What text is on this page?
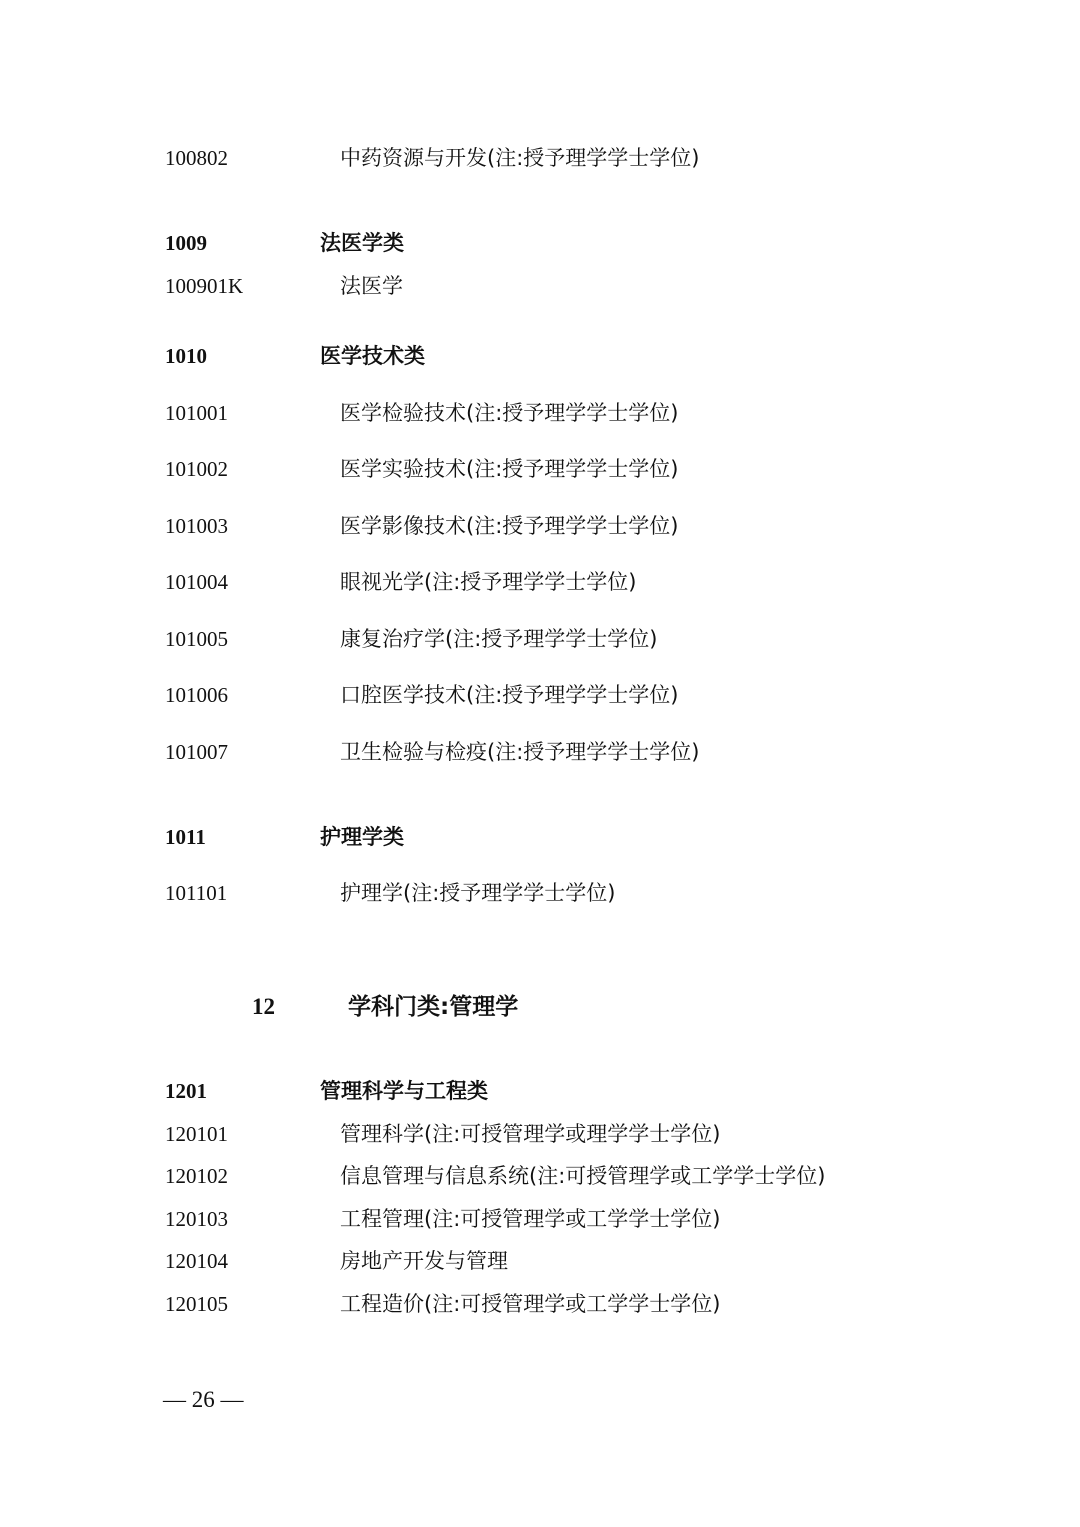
100802	中药资源与开发(注:授予理学学士学位)
1009	法医学类
100901K	法医学
1010	医学技术类
101001	医学检验技术(注:授予理学学士学位)
101002	医学实验技术(注:授予理学学士学位)
101003	医学影像技术(注:授予理学学士学位)
101004	眼视光学(注:授予理学学士学位)
101005	康复治疗学(注:授予理学学士学位)
101006	口腔医学技术(注:授予理学学士学位)
101007	卫生检验与检疫(注:授予理学学士学位)
1011	护理学类
101101	护理学(注:授予理学学士学位)
12	学科门类:管理学
1201	管理科学与工程类
120101	管理科学(注:可授管理学或理学学士学位)
120102	信息管理与信息系统(注:可授管理学或工学学士学位)
120103	工程管理(注:可授管理学或工学学士学位)
120104	房地产开发与管理
120105	工程造价(注:可授管理学或工学学士学位)
— 26 —
